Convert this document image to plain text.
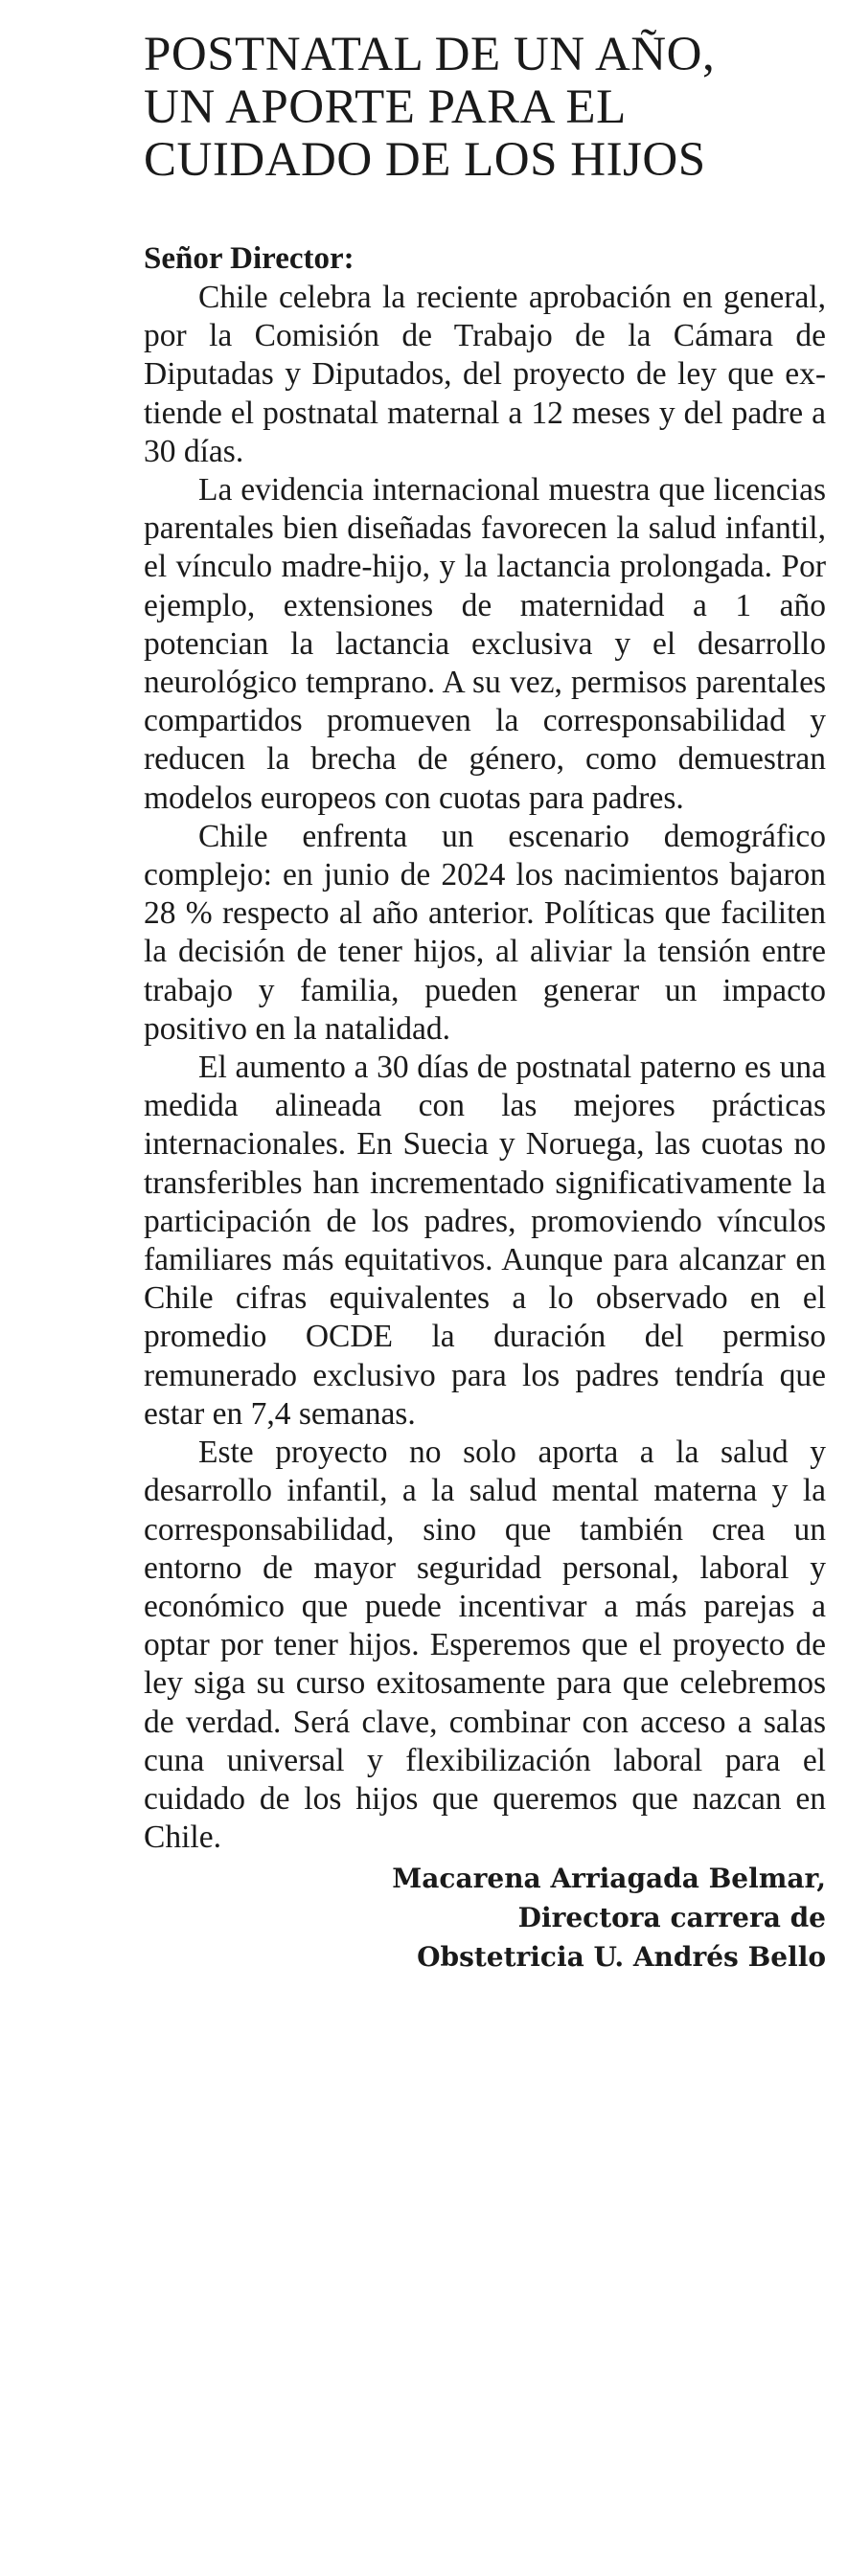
POSTNATAL DE UN AÑO,
UN APORTE PARA EL
CUIDADO DE LOS HIJOS

Señor Director:

Chile celebra la reciente aprobación en general, por la Comisión de Trabajo de la Cámara de Diputadas y Diputados, del proyecto de ley que extiende el postnatal maternal a 12 meses y del padre a 30 días.

La evidencia internacional muestra que licencias parentales bien diseñadas favorecen la salud infantil, el vínculo madre-hijo, y la lactancia prolongada. Por ejemplo, extensiones de maternidad a 1 año potencian la lactancia exclusiva y el desarrollo neurológico temprano. A su vez, permisos parentales compartidos promueven la corresponsabilidad y reducen la brecha de género, como demuestran modelos europeos con cuotas para padres.

Chile enfrenta un escenario demográfico complejo: en junio de 2024 los nacimientos bajaron 28 % respecto al año anterior. Políticas que faciliten la decisión de tener hijos, al aliviar la tensión entre trabajo y familia, pueden generar un impacto positivo en la natalidad.

El aumento a 30 días de postnatal paterno es una medida alineada con las mejores prácticas internacionales. En Suecia y Noruega, las cuotas no transferibles han incrementado significativamente la participación de los padres, promoviendo vínculos familiares más equitativos. Aunque para alcanzar en Chile cifras equivalentes a lo observado en el promedio OCDE la duración del permiso remunerado exclusivo para los padres tendría que estar en 7,4 semanas.

Este proyecto no solo aporta a la salud y desarrollo infantil, a la salud mental materna y la corresponsabilidad, sino que también crea un entorno de mayor seguridad personal, laboral y económico que puede incentivar a más parejas a optar por tener hijos. Esperemos que el proyecto de ley siga su curso exitosamente para que celebremos de verdad. Será clave, combinar con acceso a salas cuna universal y flexibilización laboral para el cuidado de los hijos que queremos que nazcan en Chile.

Macarena Arriagada Belmar,
Directora carrera de
Obstetricia U. Andrés Bello
